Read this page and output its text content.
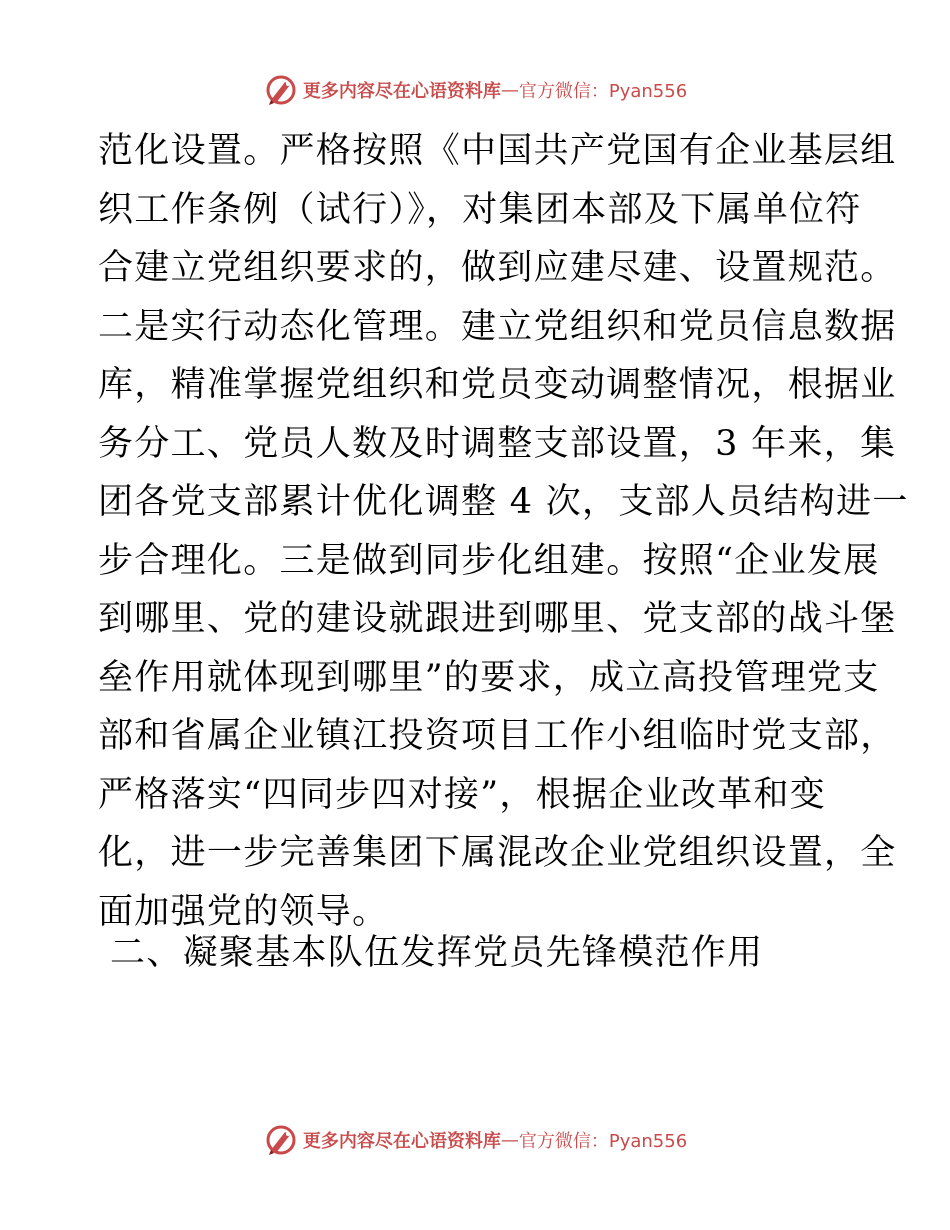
更多内容尽在心语资料库 — 官方微信：Pyan556
范化设置。严格按照《中国共产党国有企业基层组
织工作条例（试行）》，对集团本部及下属单位符
合建立党组织要求的，做到应建尽建、设置规范。
二是实行动态化管理。建立党组织和党员信息数据
库，精准掌握党组织和党员变动调整情况，根据业
务分工、党员人数及时调整支部设置，3 年来，集
团各党支部累计优化调整 4 次，支部人员结构进一
步合理化。三是做到同步化组建。按照“企业发展
到哪里、党的建设就跟进到哪里、党支部的战斗堡
垒作用就体现到哪里”的要求，成立高投管理党支
部和省属企业镇江投资项目工作小组临时党支部，
严格落实“四同步四对接”，根据企业改革和变
化，进一步完善集团下属混改企业党组织设置，全
面加强党的领导。
二、凝聚基本队伍发挥党员先锋模范作用
更多内容尽在心语资料库 — 官方微信：Pyan556
